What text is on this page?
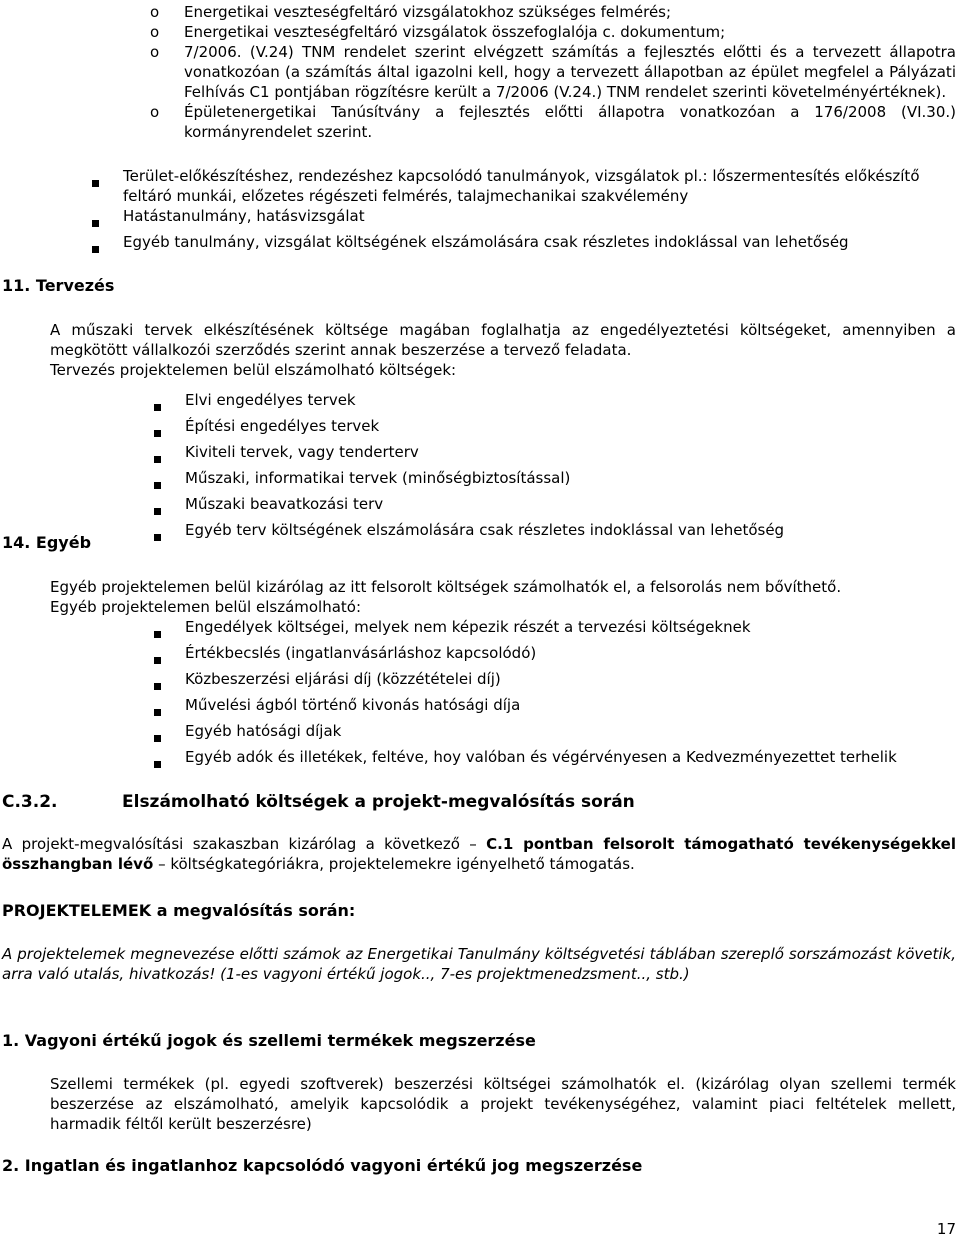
o	Energetikai veszteségfeltáró vizsgálatokhoz szükséges felmérés;
o	Energetikai veszteségfeltáró vizsgálatok összefoglalója c. dokumentum;
o	7/2006. (V.24) TNM rendelet szerint elvégzett számítás a fejlesztés előtti és a tervezett állapotra vonatkozóan (a számítás által igazolni kell, hogy a tervezett állapotban az épület megfelel a Pályázati Felhívás C1 pontjában rögzítésre került a 7/2006 (V.24.) TNM rendelet szerinti követelményértéknek).
o	Épületenergetikai Tanúsítvány a fejlesztés előtti állapotra vonatkozóan a 176/2008 (VI.30.) kormányrendelet szerint.
Terület-előkészítéshez, rendezéshez kapcsolódó tanulmányok, vizsgálatok pl.: lőszermentesítés előkészítő feltáró munkái, előzetes régészeti felmérés, talajmechanikai szakvélemény
Hatástanulmány, hatásvizsgálat
Egyéb tanulmány, vizsgálat költségének elszámolására csak részletes indoklással van lehetőség
11. Tervezés
A műszaki tervek elkészítésének költsége magában foglalhatja az engedélyeztetési költségeket, amennyiben a megkötött vállalkozói szerződés szerint annak beszerzése a tervező feladata.
Tervezés projektelemen belül elszámolható költségek:
Elvi engedélyes tervek
Építési engedélyes tervek
Kiviteli tervek, vagy tenderterv
Műszaki, informatikai tervek (minőségbiztosítással)
Műszaki beavatkozási terv
Egyéb terv költségének elszámolására csak részletes indoklással van lehetőség
14. Egyéb
Egyéb projektelemen belül kizárólag az itt felsorolt költségek számolhatók el, a felsorolás nem bővíthető.
Egyéb projektelemen belül elszámolható:
Engedélyek költségei, melyek nem képezik részét a tervezési költségeknek
Értékbecslés (ingatlanvásárláshoz kapcsolódó)
Közbeszerzési eljárási díj (közzétételei díj)
Művelési ágból történő kivonás hatósági díja
Egyéb hatósági díjak
Egyéb adók és illetékek, feltéve, hoy valóban és végérvényesen a Kedvezményezettet terhelik
C.3.2.	Elszámolható költségek a projekt-megvalósítás során
A projekt-megvalósítási szakaszban kizárólag a következő – C.1 pontban felsorolt támogatható tevékenységekkel összhangban lévő – költségkategóriákra, projektelemekre igényelhető támogatás.
PROJEKTELEMEK a megvalósítás során:
A projektelemek megnevezése előtti számok az Energetikai Tanulmány költségvetési táblában szereplő sorszámozást követik, arra való utalás, hivatkozás! (1-es vagyoni értékű jogok.., 7-es projektmenedzsment.., stb.)
1. Vagyoni értékű jogok és szellemi termékek megszerzése
Szellemi termékek (pl. egyedi szoftverek) beszerzési költségei számolhatók el. (kizárólag olyan szellemi termék beszerzése az elszámolható, amelyik kapcsolódik a projekt tevékenységéhez, valamint piaci feltételek mellett, harmadik féltől került beszerzésre)
2. Ingatlan és ingatlanhoz kapcsolódó vagyoni értékű jog megszerzése
17
